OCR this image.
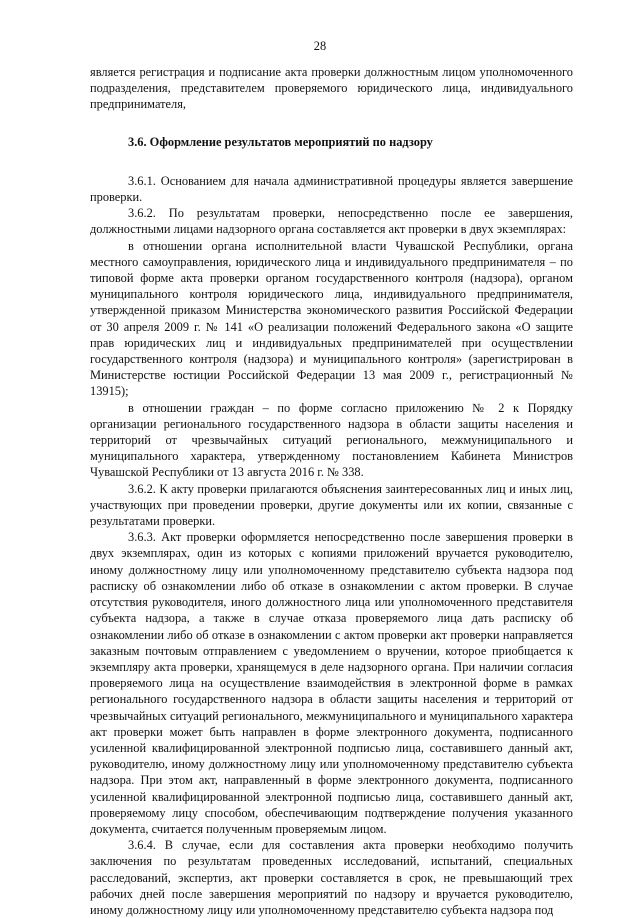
28

является регистрация и подписание акта проверки должностным лицом уполномоченного подразделения, представителем проверяемого юридического лица, индивидуального предпринимателя,

3.6. Оформление результатов мероприятий по надзору

3.6.1. Основанием для начала административной процедуры является завершение проверки.

3.6.2. По результатам проверки, непосредственно после ее завершения, должностными лицами надзорного органа составляется акт проверки в двух экземплярах:

в отношении органа исполнительной власти Чувашской Республики, органа местного самоуправления, юридического лица и индивидуального предпринимателя – по типовой форме акта проверки органом государственного контроля (надзора), органом муниципального контроля юридического лица, индивидуального предпринимателя, утвержденной приказом Министерства экономического развития Российской Федерации от 30 апреля 2009 г. № 141 «О реализации положений Федерального закона «О защите прав юридических лиц и индивидуальных предпринимателей при осуществлении государственного контроля (надзора) и муниципального контроля» (зарегистрирован в Министерстве юстиции Российской Федерации 13 мая 2009 г., регистрационный № 13915);

в отношении граждан – по форме согласно приложению № 2 к Порядку организации регионального государственного надзора в области защиты населения и территорий от чрезвычайных ситуаций регионального, межмуниципального и муниципального характера, утвержденному постановлением Кабинета Министров Чувашской Республики от 13 августа 2016 г. № 338.

3.6.2. К акту проверки прилагаются объяснения заинтересованных лиц и иных лиц, участвующих при проведении проверки, другие документы или их копии, связанные с результатами проверки.

3.6.3. Акт проверки оформляется непосредственно после завершения проверки в двух экземплярах, один из которых с копиями приложений вручается руководителю, иному должностному лицу или уполномоченному представителю субъекта надзора под расписку об ознакомлении либо об отказе в ознакомлении с актом проверки. В случае отсутствия руководителя, иного должностного лица или уполномоченного представителя субъекта надзора, а также в случае отказа проверяемого лица дать расписку об ознакомлении либо об отказе в ознакомлении с актом проверки акт проверки направляется заказным почтовым отправлением с уведомлением о вручении, которое приобщается к экземпляру акта проверки, хранящемуся в деле надзорного органа. При наличии согласия проверяемого лица на осуществление взаимодействия в электронной форме в рамках регионального государственного надзора в области защиты населения и территорий от чрезвычайных ситуаций регионального, межмуниципального и муниципального характера акт проверки может быть направлен в форме электронного документа, подписанного усиленной квалифицированной электронной подписью лица, составившего данный акт, руководителю, иному должностному лицу или уполномоченному представителю субъекта надзора. При этом акт, направленный в форме электронного документа, подписанного усиленной квалифицированной электронной подписью лица, составившего данный акт, проверяемому лицу способом, обеспечивающим подтверждение получения указанного документа, считается полученным проверяемым лицом.

3.6.4. В случае, если для составления акта проверки необходимо получить заключения по результатам проведенных исследований, испытаний, специальных расследований, экспертиз, акт проверки составляется в срок, не превышающий трех рабочих дней после завершения мероприятий по надзору и вручается руководителю, иному должностному лицу или уполномоченному представителю субъекта надзора под
